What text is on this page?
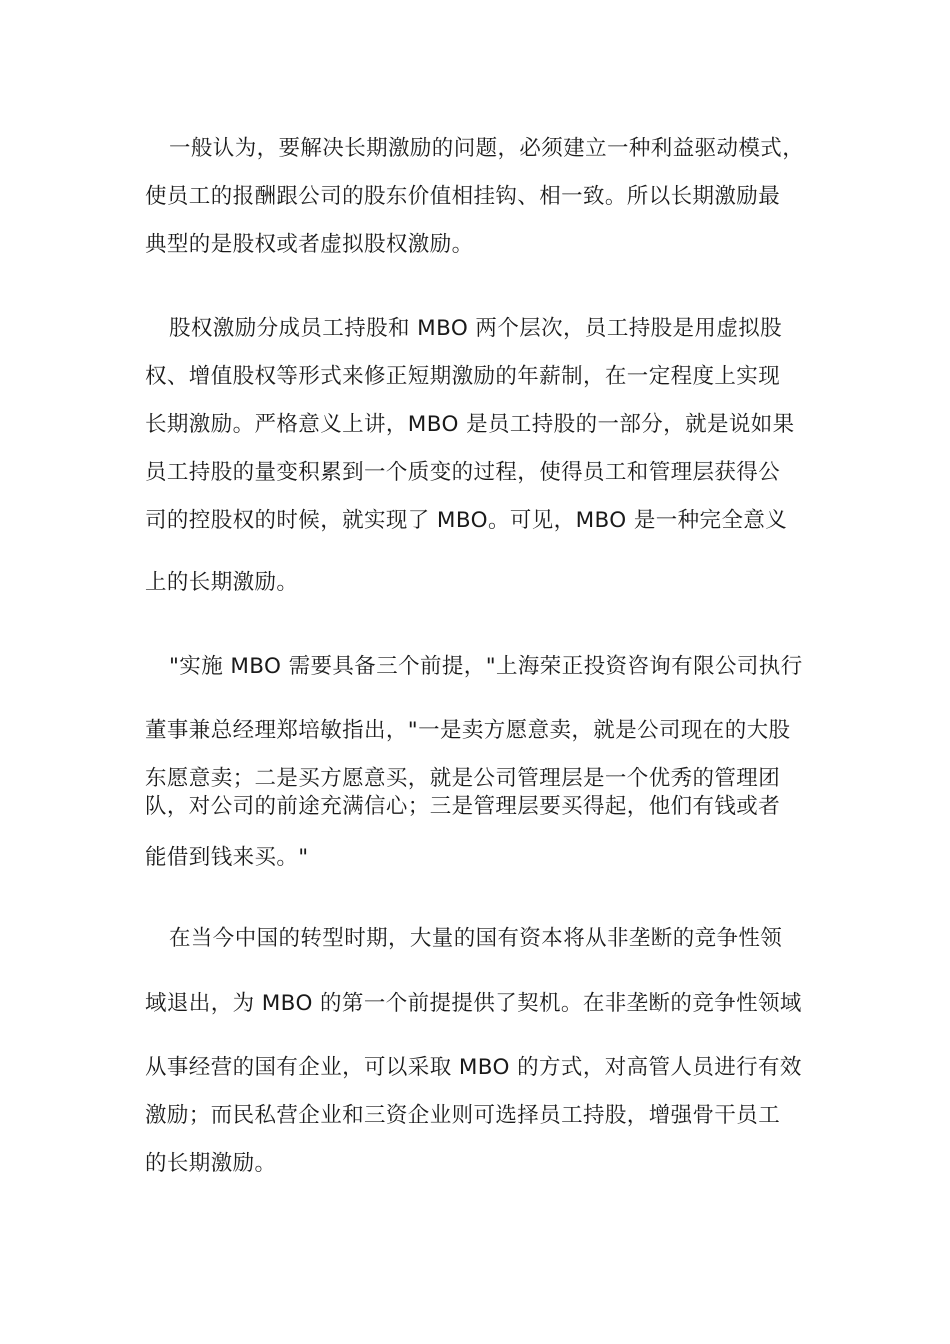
一般认为，要解决长期激励的问题，必须建立一种利益驱动模式，
使员工的报酬跟公司的股东价值相挂钩、相一致。所以长期激励最
典型的是股权或者虚拟股权激励。
股权激励分成员工持股和 MBO 两个层次，员工持股是用虚拟股
权、增值股权等形式来修正短期激励的年薪制，在一定程度上实现
长期激励。严格意义上讲，MBO 是员工持股的一部分，就是说如果
员工持股的量变积累到一个质变的过程，使得员工和管理层获得公
司的控股权的时候，就实现了 MBO。可见，MBO 是一种完全意义
上的长期激励。
"实施 MBO 需要具备三个前提，"上海荣正投资咨询有限公司执行
董事兼总经理郑培敏指出，"一是卖方愿意卖，就是公司现在的大股
东愿意卖；二是买方愿意买，就是公司管理层是一个优秀的管理团
队，对公司的前途充满信心；三是管理层要买得起，他们有钱或者
能借到钱来买。"
在当今中国的转型时期，大量的国有资本将从非垄断的竞争性领
域退出，为 MBO 的第一个前提提供了契机。在非垄断的竞争性领域
从事经营的国有企业，可以采取 MBO 的方式，对高管人员进行有效
激励；而民私营企业和三资企业则可选择员工持股，增强骨干员工
的长期激励。
